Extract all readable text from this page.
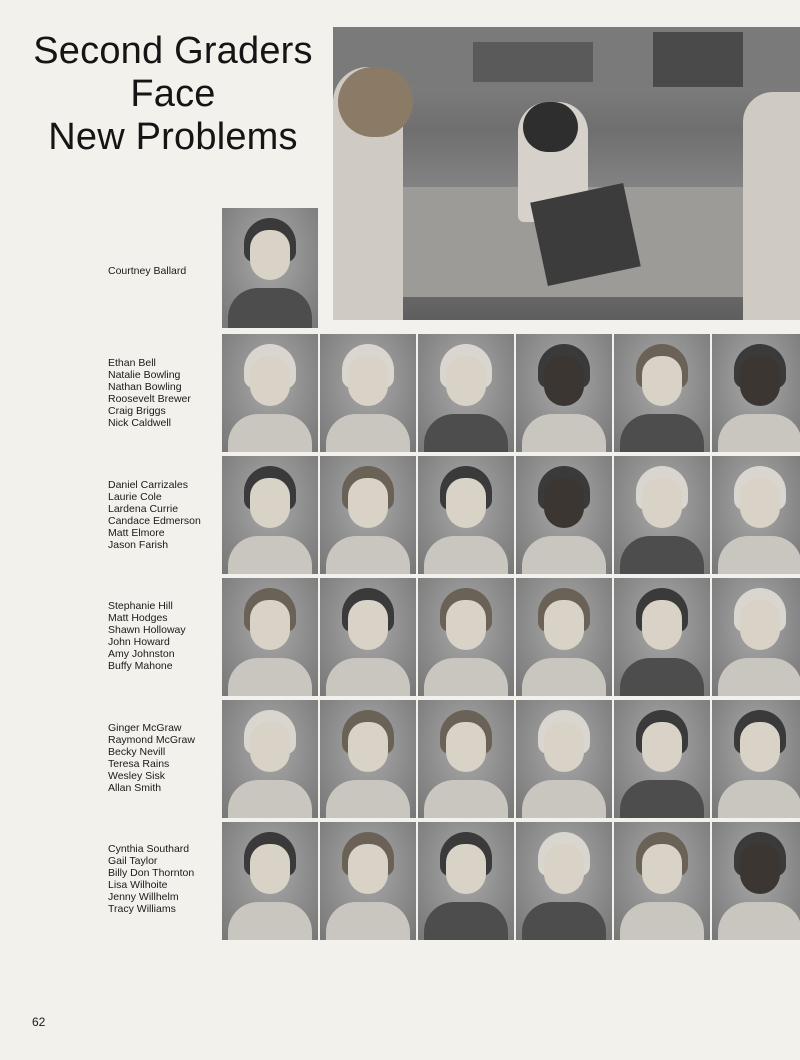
Second Graders
Face
New Problems
Courtney Ballard
Ethan Bell
Natalie Bowling
Nathan Bowling
Roosevelt Brewer
Craig Briggs
Nick Caldwell
Daniel Carrizales
Laurie Cole
Lardena Currie
Candace Edmerson
Matt Elmore
Jason Farish
Stephanie Hill
Matt Hodges
Shawn Holloway
John Howard
Amy Johnston
Buffy Mahone
Ginger McGraw
Raymond McGraw
Becky Nevill
Teresa Rains
Wesley Sisk
Allan Smith
Cynthia Southard
Gail Taylor
Billy Don Thornton
Lisa Wilhoite
Jenny Willhelm
Tracy Williams
62
